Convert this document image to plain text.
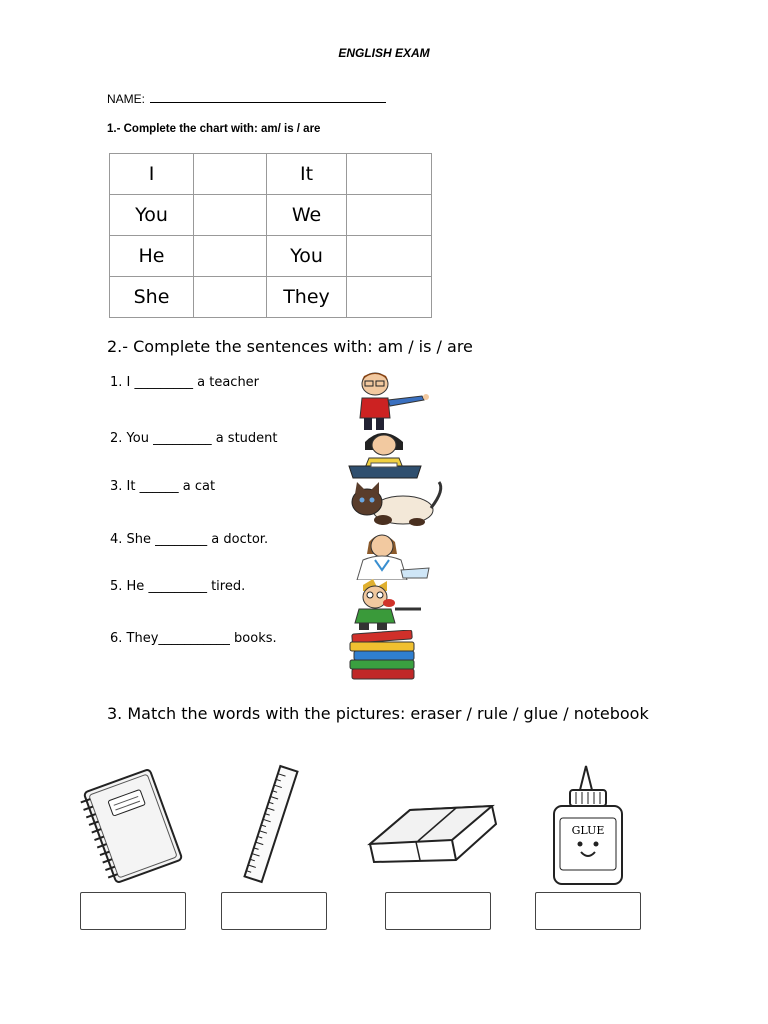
ENGLISH EXAM
NAME:
1.- Complete the chart with: am/ is / are
I		It	
You		We	
He		You	
She		They	
2.- Complete the sentences with: am / is / are
1. I _________ a teacher
2. You _________ a student
3. It ______ a cat
4. She ________ a doctor.
5. He _________ tired.
6. They___________ books.
3. Match the words with the pictures: eraser / rule / glue / notebook
GLUE
